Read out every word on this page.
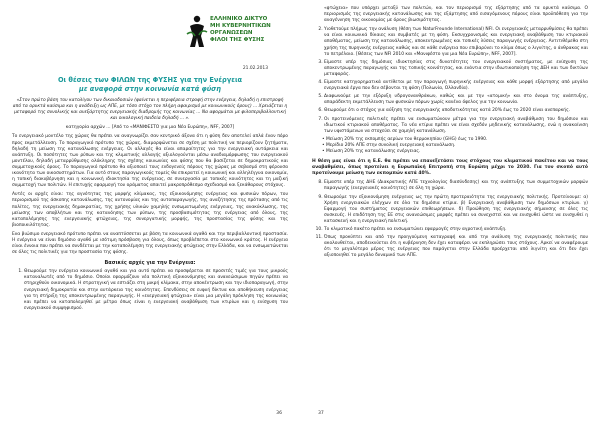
ΕΛΛΗΝΙΚΟ ΔΙΚΤΥΟ
ΜΗ ΚΥΒΕΡΝΗΤΙΚΩΝ ΟΡΓΑΝΩΣΕΩΝ
ΦΙΛΟΙ ΤΗΣ ΦΥΣΗΣ
21.02.2013
Οι θέσεις των ΦΙΛΩΝ της ΦΥΣΗΣ για την Ενέργεια
με αναφορά στην κοινωνία κατά φύση

«Στον πρώτο βάση του κατολίγου των δικαιοδοσιών (φαίνεται η περιφέρεια στροφή στην ενέργεια, δηλαδή η επιστροφή από τα ορυκτά καύσιμα και η ανάδειξη ως ΑΠΕ, με τόσο στόχο τον πλήρη αφαιρισμό με κοινωνικούς όρους) ... Χρειάζεται η μεταφορά της συνολικής και ανεξάρτητης ενεργειακής διαδρομής της κοινωνίας ... Να αφορμάται με φιλοπεριβαλλοντική και οικολογική παιδεία δηλαδή ... ».

κατηγορία αρχών ... [Από το «ΜΑΝΙΦΕΣΤΟ για μια Νέα Ευρώπη», NFF, 2007]

Το ενεργειακό μοντέλο της χώρας θα πρέπει να αναγνωρίζει σαν κεντρικό άξονα ότι η φύση δεν αποτελεί απλά έναν πόρο προς εκμετάλλευση. Το παραγωγικό πρότυπο της χώρας, διαμορφώνεται σε σχέση με πολιτική να περιορίζουν ζητήματα, δηλαδή τη μείωση της κατανάλωσης ενέργειας. Οι αλλαγές θα είναι απαραίτητες για την ενεργειακή αυτάρκεια και ανάπτυξη. Οι ποσότητες των ρύπων και της κλιματικής αλλαγής αξιολογούνται μέσω αναδιαμόρφωσης του ενεργειακού μοντέλου, δηλαδή μεταρρύθμισης ολόκληρης της σχέσης κοινωνίας και φύσης που θα βασίζεται σε δημοκρατικούς και συμμετοχικούς όρους. Το παραγωγικό πρότυπο θα αξιοποιεί τους ενδογενείς πόρους της χώρας με σεβασμό στη φέρουσα ικανότητα των οικοσυστημάτων. Για αυτό στους παραγωγικούς τομείς θα επικρατεί η κοινωνική και αλληλέγγυα οικονομία, η τοπική διακυβέρνηση και η κοινωνική ιδιοκτησία της ενέργειας, σε συνεργασία με τοπικές κοινότητες και τη μαζική συμμετοχή των πολιτών. Η επιτυχής εφαρμογή του οράματος απαιτεί μακροπρόθεσμο σχεδιασμό και ξεκάθαρους στόχους.

Αυτές οι αρχές είναι: της αγνότητας της μορφής κλίμακας, της εξοικονόμησης ενέργειας και φυσικών πόρων, του περιορισμού της άσκοπης κατανάλωσης, της αυτονομίας και της αυτοπαραγωγής, της αναζήτησης της πρότασης από τις πολίτες, της ενεργειακής δημοκρατίας, της χρήσης υλικών χαμηλής ενσωματωμένης ενέργειας, της ανακύκλωσης, της μείωσης των αποβλήτων και της κατανόησης των ρύπων, της προσβασιμότητας της ενέργειας από όλους, της καταπολέμησης της ενεργειακής φτώχειας, της συνεργατικής μορφής, της προστασίας της φύσης και της βιοποικιλότητας.

Ενα βιώσιμο ενεργειακό πρότυπο πρέπει να αναπτύσσεται με βάση τα κοινωνικά αγαθά και την περιβαλλοντική προστασία. Η ενέργεια να είναι δημόσιο αγαθό με ισότιμη πρόσβαση για όλους, όπως προβλέπεται στο κοινωνικό κράτος. Η ενέργεια είναι έννοια που πρέπει να συνδέεται με την καταπολέμηση της ενεργειακής φτώχειας στην Ελλάδα, και να ενσωματώνεται σε όλες τις πολιτικές για την προστασία της φύσης.

Βασικές αρχές για την Ενέργεια:
1. Θεωρούμε την ενέργεια κοινωνικό αγαθό και για αυτό πρέπει να προσφέρεται σε προσιτές τιμές για τους μικρούς καταναλωτές από το δημόσιο. Οποίοι εφαρμόζουν νέα πολιτική εξοικονόμησης και ανανεώσιμων πηγών πρέπει να στηριχθούν οικονομικά. Η στρατηγική να εστιάζει στη μικρή κλίμακα, στην αποκέντρωση και την ιδιοπαραγωγή, στην ενεργειακή δημοκρατία και στην αυτάρκεια της κοινότητας. Επενδύσεις σε ευφυή δίκτυα και αποθήκευση ενέργειας για τη στήριξη της αποκεντρωμένης παραγωγής. Η «ενεργειακή φτώχεια» είναι μια μεγάλη πρόκληση της κοινωνίας και πρέπει να καταπολεμηθεί με μέτρα όπως είναι η ενεργειακή αναβάθμιση των κτιρίων και η ενίσχυση του ενεργειακού συμψηφισμού.
36

«φτώχεια» που υπάρχει μεταξύ των πολιτών, και τον περιορισμό της εξάρτησης από τα ορυκτά καύσιμα. Ο περιορισμός της ενεργειακής κατανάλωσης και της εξάρτησης από εισαγόμενους πόρους είναι προϋπόθεση για την αναγέννηση της οικονομίας με όρους βιωσιμότητας.

2. Υιοθετούμε πλήρως την ανάλυση (θέση των NaturFreunde International) NFI. Οι ενεργειακές μεταρρυθμίσεις θα πρέπει να είναι κοινωνικά δίκαιες και συμβατές με τη φύση. Εκσυγχρονισμός και ενεργειακή αναβάθμιση του κτιριακού αποθέματος, μείωση της κατανάλωσης, αποκεντρωμένες και τοπικές λύσεις παραγωγής ενέργειας. Αντιτιθέμεθα στη χρήση της πυρηνικής ενέργειας καθώς και σε κάθε ενέργεια που επιβαρύνει το κλίμα όπως ο λιγνίτης, ο άνθρακας και το πετρέλαιο. [Θέσεις των NFI 2010 και «Μανιφέστο για μια Νέα Ευρώπη», NFF, 2007].
3. Είμαστε υπέρ της δημόσιας ιδιοκτησίας στις δυνατότητες του ενεργειακού συστήματος, με ενίσχυση της αποκεντρωμένης παραγωγής και της τοπικής κοινότητας, και ενάντια στην ιδιωτικοποίηση της ΔΕΗ και των δικτύων μεταφοράς.
4. Είμαστε κατηγορηματικά αντίθετοι με την παραγωγή πυρηνικής ενέργειας και κάθε μορφή εξάρτησης από μεγάλα ενεργειακά έργα που δεν σέβονται τη φύση (Πολωνία, Ολλανδία).
5. Διαφωνούμε με την εξόρυξη υδρογονανθράκων, καθώς και με την «ατομική» και στο όνομα της ανάπτυξης, απαράδεκτη εκμετάλλευση των φυσικών πόρων χωρίς κανένα όφελος για την κοινωνία.
6. Θεωρούμε ότι ο στόχος για αύξηση της ενεργειακής αποδοτικότητας κατά 20% έως το 2020 είναι ανεπαρκής.
7. Οι προτεινόμενες πολιτικές πρέπει να ενσωματώνουν μέτρα για την ενεργειακή αναβάθμιση του δημόσιου και ιδιωτικού κτιριακού αποθέματος. Τα νέα κτίρια πρέπει να είναι σχεδόν μηδενικής κατανάλωσης, ενώ η ανακαίνιση των υφιστάμενων να στοχεύει σε χαμηλή κατανάλωση.
• Μείωση 20% της εκπομπής αερίων του θερμοκηπίου (GHG) έως το 1990.
• Μερίδιο 20% ΑΠΕ στην συνολική ενεργειακή κατανάλωση.
• Μείωση 20% της κατανάλωσης ενέργειας.

Η θέση μας είναι ότι η Ε.Ε. θα πρέπει να επανεξετάσει τους στόχους του κλιματικού πακέτου και να τους αναβαθμίσει, όπως προτείνει η Ευρωπαϊκή Επιτροπή στη Ευρώπη μέχρι το 2030. Για τον σκοπό αυτό προτείνουμε μείωση των εκπομπών κατά 40%.

8. Είμαστε υπέρ της ΔΗΕ (Διακρατικής ΑΠΕ τεχνολογίας διασύνδεσης) και της ανάπτυξης των συμμετοχικών μορφών παραγωγής (ενεργειακές κοινότητες) σε όλη τη χώρα.
9. Θεωρούμε την εξοικονόμηση ενέργειας ως την πρώτη προτεραιότητα της ενεργειακής πολιτικής. Προτείνουμε: α) Χρήση ενεργειακών ελέγχων σε όλα τα δημόσια κτίρια. β) Ενεργειακή αναβάθμιση των δημόσιων κτιρίων. γ) Εφαρμογή του συστήματος ενεργειακών επιθεωρήσεων. δ) Προώθηση της ενεργειακής σήμανσης σε όλες τις συσκευές. Η επιδότηση της ΕΕ στις ανανεώσιμες μορφές πρέπει να συνεχιστεί και να ενισχυθεί ώστε να ενισχυθεί η κατασκευή και η ενεργειακή πολιτική.
10. Το κλιματικό πακέτο πρέπει να ενσωματώνει εφαρμογές στην αγροτική ανάπτυξη.
11. Όπως προκύπτει και από την προηγούμενη καταγραφή και από την ανάλυση της ενεργειακής πολιτικής που ακολουθείται, αποδεικνύεται ότι η κυβέρνηση δεν έχει καταφέρει να εκπληρώσει τους στόχους. Αρκεί να αναφέρουμε ότι το μεγαλύτερο μέρος της ενέργειας που παράγεται στην Ελλάδα προέρχεται από λιγνίτη και ότι δεν έχει αξιοποιηθεί το μεγάλο δυναμικό των ΑΠΕ.
37
